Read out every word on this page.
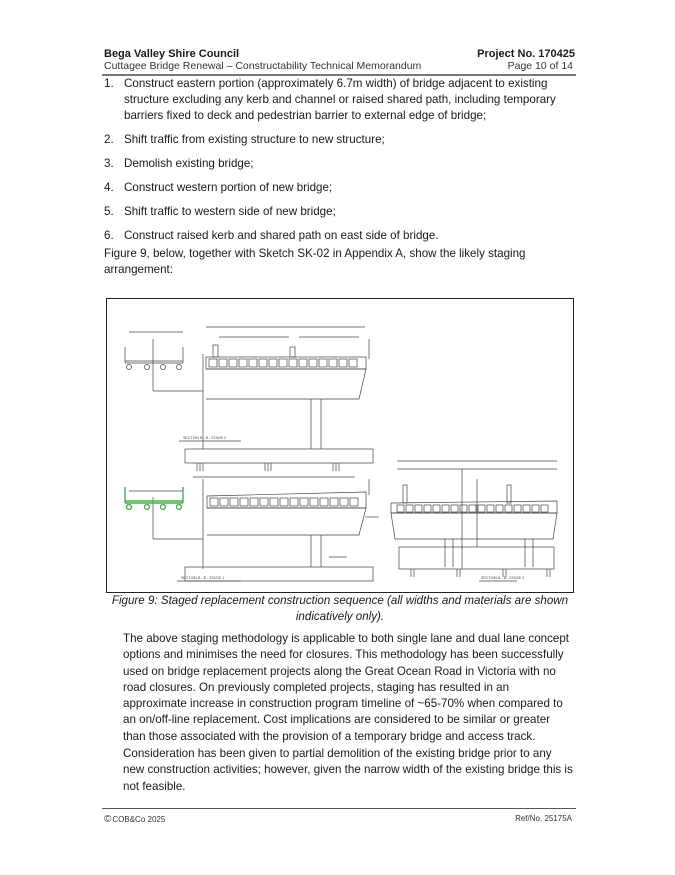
Bega Valley Shire Council	Project No. 170425
Cuttagee Bridge Renewal – Constructability Technical Memorandum	Page 10 of 14
1. Construct eastern portion (approximately 6.7m width) of bridge adjacent to existing structure excluding any kerb and channel or raised shared path, including temporary barriers fixed to deck and pedestrian barrier to external edge of bridge;
2. Shift traffic from existing structure to new structure;
3. Demolish existing bridge;
4. Construct western portion of new bridge;
5. Shift traffic to western side of new bridge;
6. Construct raised kerb and shared path on east side of bridge.

Figure 9, below, together with Sketch SK-02 in Appendix A, show the likely staging arrangement:

SECTION B - B - STAGE 2
SECTION B - B - STAGE 1	SECTION B - B - STAGE 3
Figure 9: Staged replacement construction sequence (all widths and materials are shown indicatively only).

The above staging methodology is applicable to both single lane and dual lane concept options and minimises the need for closures. This methodology has been successfully used on bridge replacement projects along the Great Ocean Road in Victoria with no road closures. On previously completed projects, staging has resulted in an approximate increase in construction program timeline of ~65-70% when compared to an on/off-line replacement. Cost implications are considered to be similar or greater than those associated with the provision of a temporary bridge and access track.

Consideration has been given to partial demolition of the existing bridge prior to any new construction activities; however, given the narrow width of the existing bridge this is not feasible.

©COB&Co 2025	Ref/No. 25175A
